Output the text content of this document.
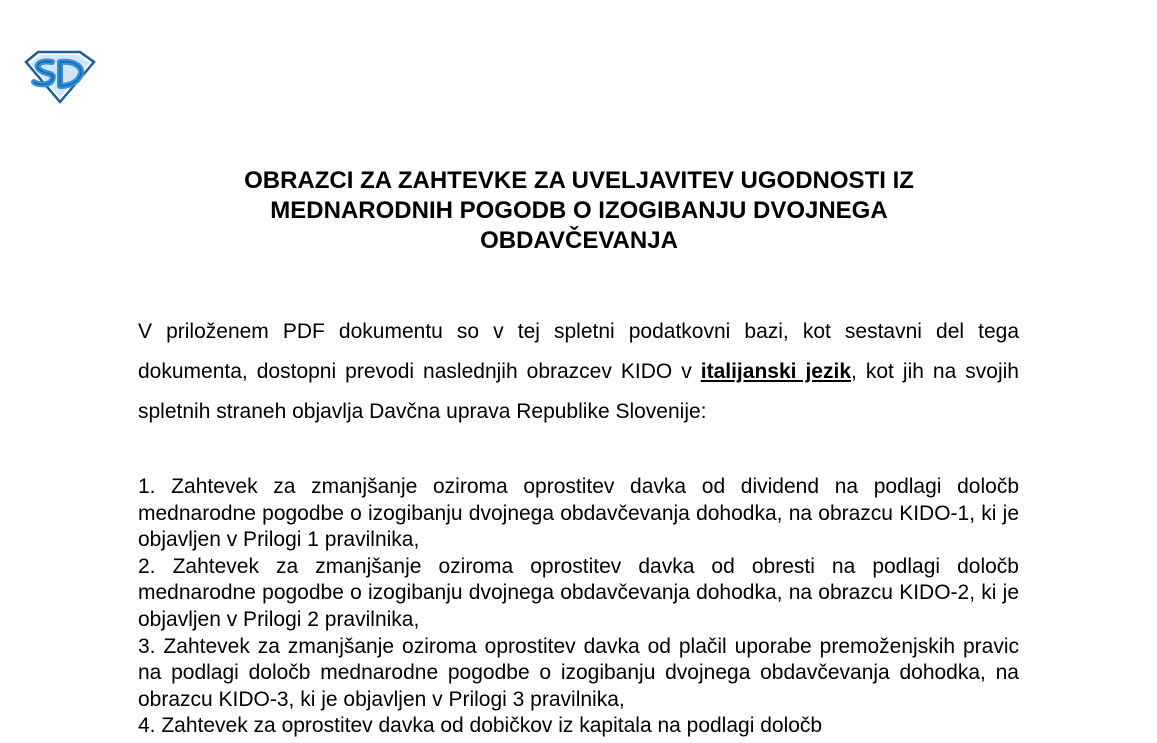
OBRAZCI ZA ZAHTEVKE ZA UVELJAVITEV UGODNOSTI IZ
MEDNARODNIH POGODB O IZOGIBANJU DVOJNEGA
OBDAVČEVANJA
V priloženem PDF dokumentu so v tej spletni podatkovni bazi, kot sestavni del tega dokumenta, dostopni prevodi naslednjih obrazcev KIDO v italijanski jezik, kot jih na svojih spletnih straneh objavlja Davčna uprava Republike Slovenije:

1. Zahtevek za zmanjšanje oziroma oprostitev davka od dividend na podlagi določb mednarodne pogodbe o izogibanju dvojnega obdavčevanja dohodka, na obrazcu KIDO-1, ki je objavljen v Prilogi 1 pravilnika,

2. Zahtevek za zmanjšanje oziroma oprostitev davka od obresti na podlagi določb mednarodne pogodbe o izogibanju dvojnega obdavčevanja dohodka, na obrazcu KIDO-2, ki je objavljen v Prilogi 2 pravilnika,

3. Zahtevek za zmanjšanje oziroma oprostitev davka od plačil uporabe premoženjskih pravic na podlagi določb mednarodne pogodbe o izogibanju dvojnega obdavčevanja dohodka, na obrazcu KIDO-3, ki je objavljen v Prilogi 3 pravilnika,

4. Zahtevek za oprostitev davka od dobičkov iz kapitala na podlagi določb
